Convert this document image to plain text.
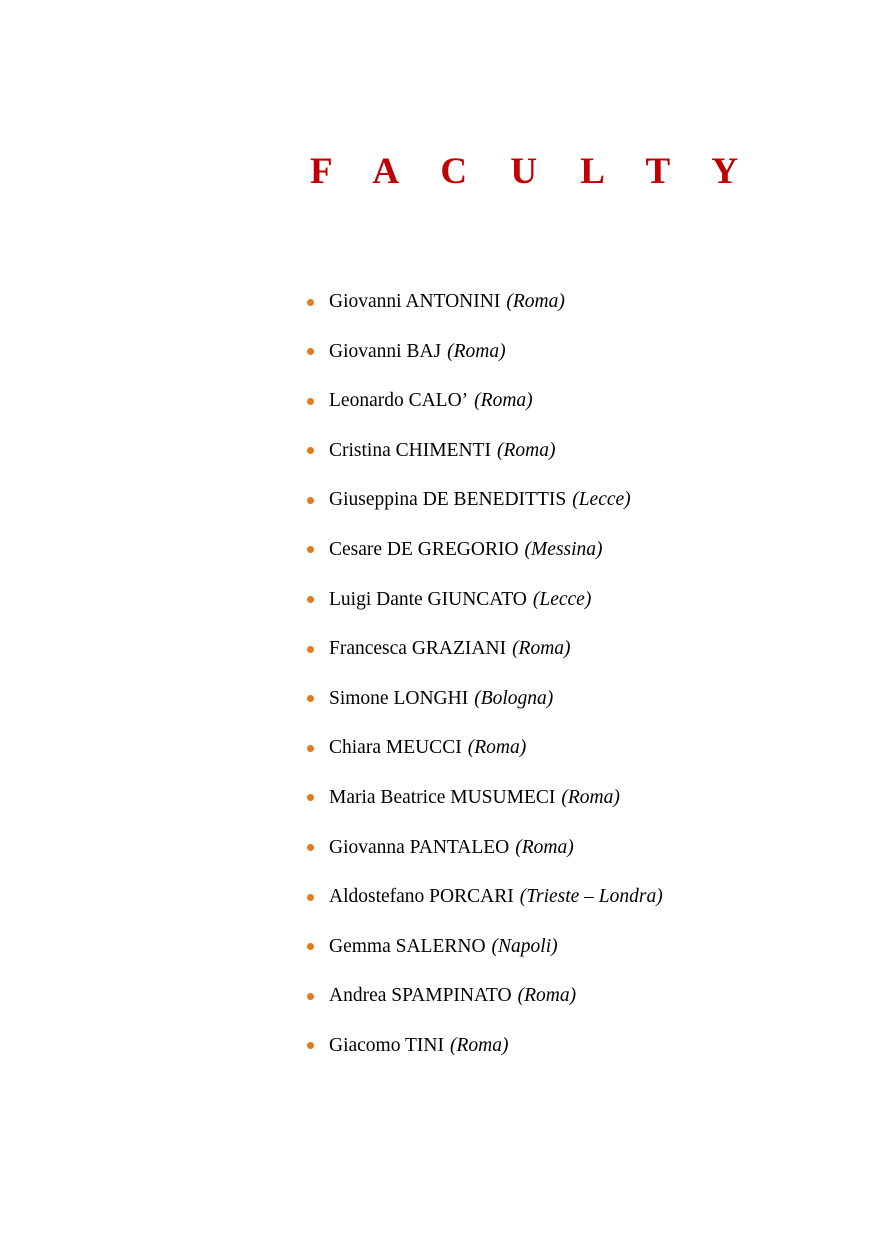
F A C U L T Y
Giovanni ANTONINI (Roma)
Giovanni BAJ (Roma)
Leonardo CALO’ (Roma)
Cristina CHIMENTI (Roma)
Giuseppina DE BENEDITTIS (Lecce)
Cesare DE GREGORIO (Messina)
Luigi Dante GIUNCATO (Lecce)
Francesca GRAZIANI (Roma)
Simone LONGHI (Bologna)
Chiara MEUCCI (Roma)
Maria Beatrice MUSUMECI (Roma)
Giovanna PANTALEO (Roma)
Aldostefano PORCARI (Trieste – Londra)
Gemma SALERNO (Napoli)
Andrea SPAMPINATO (Roma)
Giacomo TINI (Roma)
